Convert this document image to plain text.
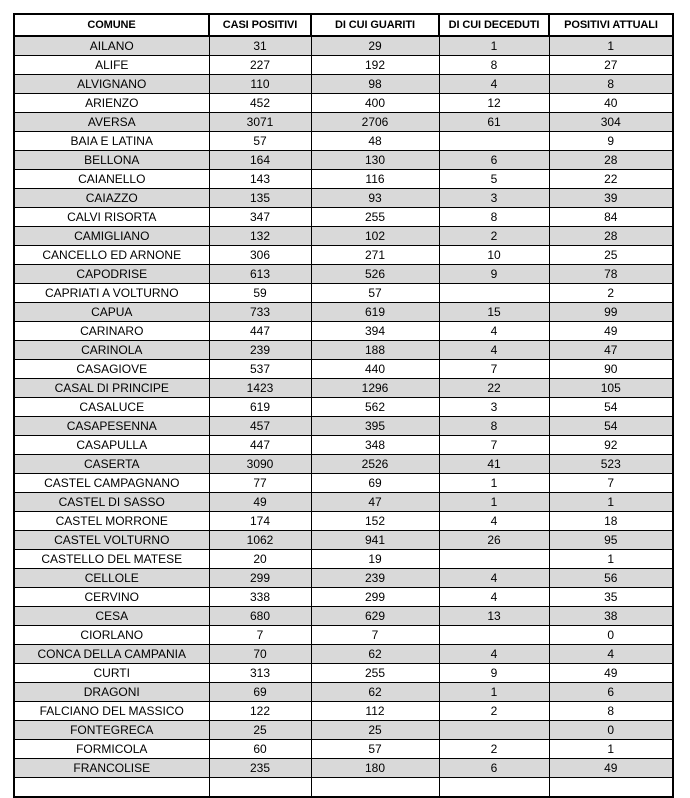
COMUNE	CASI POSITIVI	DI CUI GUARITI	DI CUI DECEDUTI	POSITIVI ATTUALI
AILANO	31	29	1	1
ALIFE	227	192	8	27
ALVIGNANO	110	98	4	8
ARIENZO	452	400	12	40
AVERSA	3071	2706	61	304
BAIA E LATINA	57	48		9
BELLONA	164	130	6	28
CAIANELLO	143	116	5	22
CAIAZZO	135	93	3	39
CALVI RISORTA	347	255	8	84
CAMIGLIANO	132	102	2	28
CANCELLO ED ARNONE	306	271	10	25
CAPODRISE	613	526	9	78
CAPRIATI A VOLTURNO	59	57		2
CAPUA	733	619	15	99
CARINARO	447	394	4	49
CARINOLA	239	188	4	47
CASAGIOVE	537	440	7	90
CASAL DI PRINCIPE	1423	1296	22	105
CASALUCE	619	562	3	54
CASAPESENNA	457	395	8	54
CASAPULLA	447	348	7	92
CASERTA	3090	2526	41	523
CASTEL CAMPAGNANO	77	69	1	7
CASTEL DI SASSO	49	47	1	1
CASTEL MORRONE	174	152	4	18
CASTEL VOLTURNO	1062	941	26	95
CASTELLO DEL MATESE	20	19		1
CELLOLE	299	239	4	56
CERVINO	338	299	4	35
CESA	680	629	13	38
CIORLANO	7	7		0
CONCA DELLA CAMPANIA	70	62	4	4
CURTI	313	255	9	49
DRAGONI	69	62	1	6
FALCIANO DEL MASSICO	122	112	2	8
FONTEGRECA	25	25		0
FORMICOLA	60	57	2	1
FRANCOLISE	235	180	6	49
